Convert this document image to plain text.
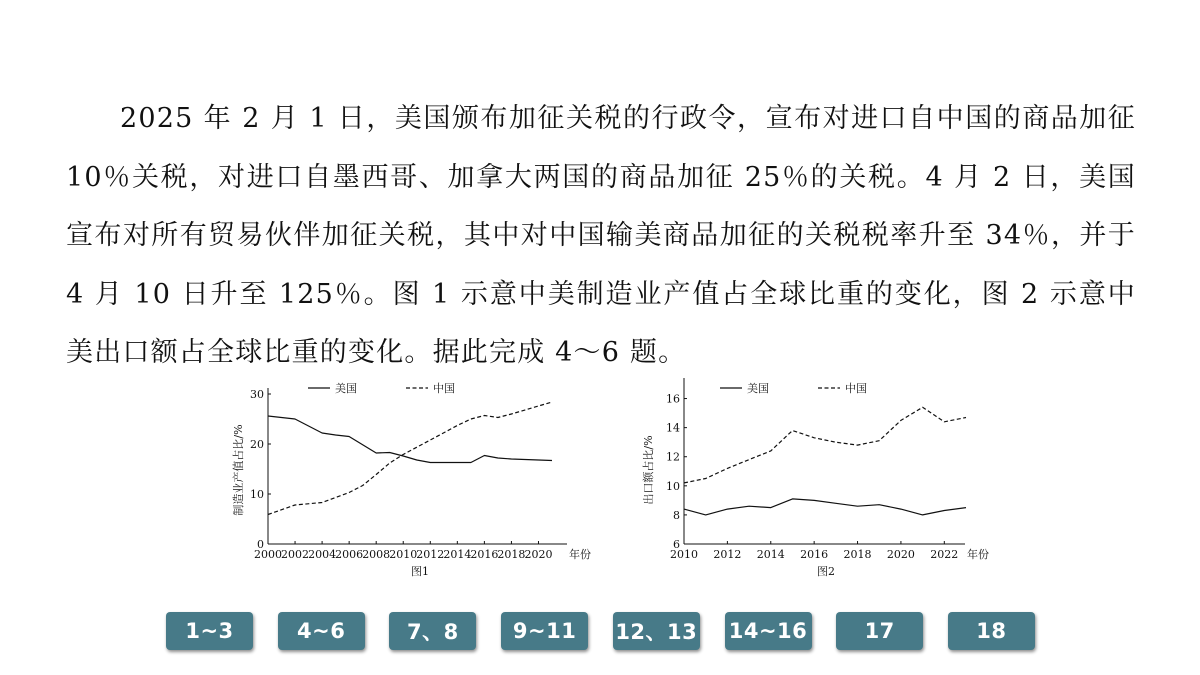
2025 年 2 月 1 日，美国颁布加征关税的行政令，宣布对进口自中国的商品加征 10％关税，对进口自墨西哥、加拿大两国的商品加征 25％的关税。4 月 2 日，美国宣布对所有贸易伙伴加征关税，其中对中国输美商品加征的关税税率升至 34％，并于 4 月 10 日升至 125％。图 1 示意中美制造业产值占全球比重的变化，图 2 示意中美出口额占全球比重的变化。据此完成 4～6 题。
2000 2002 2004 2006 2008 2010 2012 2014 2016 2018 2020
0
10
20
30
年份
制造业产值占比/%
图1
美国	中国
2010 2012 2014 2016 2018 2020 2022
6
8
10
12
14
16
年份
出口额占比/%
图2
美国	中国
1~3	4~6	7、8	9~11	12、13 14~16	17	18
